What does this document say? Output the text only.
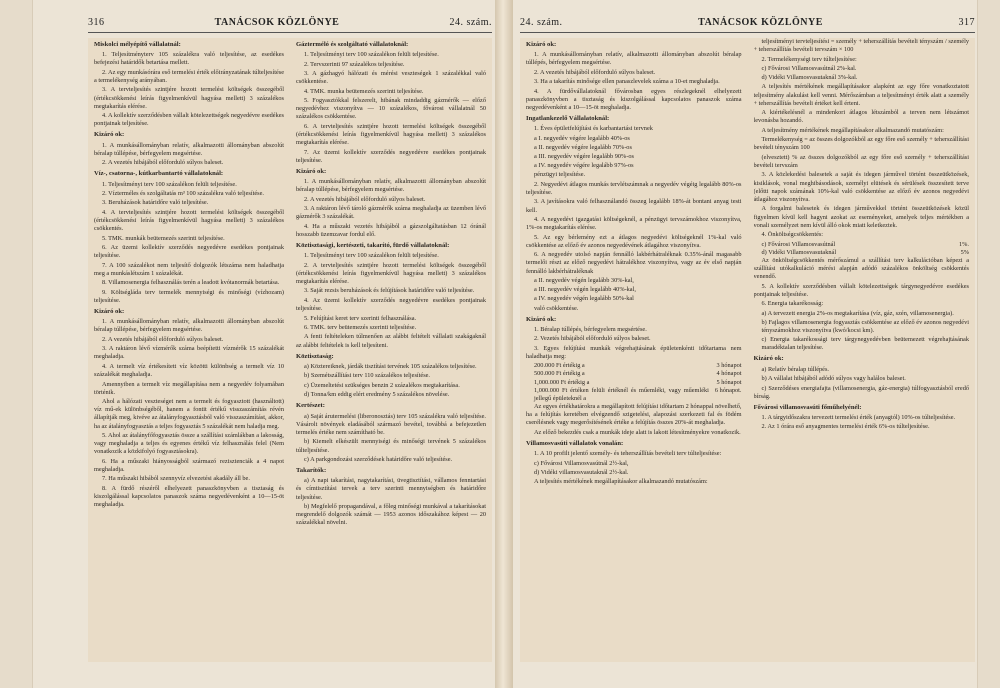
316	TANÁCSOK KÖZLÖNYE	24. szám.	24. szám.	TANÁCSOK KÖZLÖNYE	317
Miskolci mélyépítő vállalatnál:

1. Teljesítményterv 105 százalékra való teljesítése, az esedékes befejezési határidők betartása mellett.

2. Az egy munkásórára eső termelési érték előirányzatának túlteljesítése a termelékenység arányában.

3. A tervteljesítés szintjére hozott termelési költségek összegéből (értékcsökkenési leírás figyelmenkívül hagyása mellett) 3 százalékos megtakarítás elérése.

4. A kollektív szerződésben vállalt kötelezettségek negyedévre esedékes pontjainak teljesítése.

Kizáró ok:

1. A munkásállományban relatív, alkalmazotti állományban abszolút béralap túllépése, bérfegyelem megsértése.

2. A vezetés hibájából előforduló súlyos baleset.

Víz-, csatorna-, kútkarbantartó vállalatoknál:

1. Teljesítményi terv 100 százalékon felüli teljesítése.

2. Vízterméles és szolgáltatás m³ 100 százalékra való teljesítése.

3. Beruházások határidőre való teljesítése.

4. A tervteljesítés szintjére hozott termelési költségek összegéből (értékcsökkenési leírás figyelmenkívül hagyása mellett) 3 százalékos csökkentés.

5. TMK. munkák beütemezés szerinti teljesítése.

6. Az üzemi kollektív szerződés negyedévre esedékes pontjainak teljesítése.

7. A 100 százalékot nem teljesítő dolgozók létszáma nem haladhatja meg a munkáslétszám 1 százalékát.

8. Villamosenergia felhasználás terén a leadott kvótanormák betartása.

9. Költségláda terv termelék mennyiségi és minőségi (vízhozam) teljesítése.

Kizáró ok:

1. A munkásállományban relatív, alkalmazotti állományban abszolút béralap túllépése, bérfegyelem megsértése.

2. A vezetés hibájából előforduló súlyos baleset.

3. A raktáron lévő vízmérők száma beépítetti vízmérők 15 százalékát meghaladja.

4. A termelt víz értékesített víz közötti különbség a termelt víz 10 százalékát meghaladja.

Amennyiben a termelt víz megállapítása nem a negyedév folyamában történik.

Ahol a hálózati veszteséget nem a termelt és fogyasztott (használtott) víz mű-ek különbségéből, hanem a fontit értékű visszaszámítás révén állapítják meg, kivéve az átalányfogyasztásból való visszaszámítást, akkor, ha az átalányfogyasztás a teljes fogyasztás 5 százalékát nem haladja meg.

5. Ahol az átalányfőfogyasztás össze a szállítási számlákban a lakosság, vagy meghaladja a teljes és egyenes értékű víz felhasználás felel (Nem vonatkozik a közkifolyó fogyasztásokra).

6. Ha a műszaki hiányosságból származó rezisztenciák a 4 napot meghaladja.

7. Ha műszaki hibából szennyvíz elvezetési akadály áll be.

8. A fürdő részéről elhelyezett panaszkönyvben a tisztaság és kiszolgálással kapcsolatos panaszok száma negyedévenként a 10—15-öt meghaladja.

Gázterméló és szolgáltató vállalatoknál:

1. Teljesítményi terv 100 százalékon felüli teljesítése.

2. Tervszerinti 97 százalékos teljesítése.

3. A gázhagyó hálózati és mérési veszteségek 1 százalékkal való csökkentése.

4. TMK. munka beütemezés szerinti teljesítése.

5. Fogyasztókkal felszerelt, hibának mindaddig gázmérők — előző negyedévhez viszonyítva — 10 százalékos, fővárosi vállalatnál 50 százalékos csökkentése.

6. A tervteljesítés szintjére hozott termelési költségek összegéből (értékcsökkenési leírás figyelmenkívül hagyása mellett) 3 százalékos megtakarítás elérése.

7. Az üzemi kollektív szerződés negyedévre esedékes pontjainak teljesítése.

Kizáró ok:

1. A munkásállományban relatív, alkalmazotti állományban abszolút béralap túllépése, bérfegyelem megsértése.

2. A vezetés hibájából előforduló súlyos baleset.

3. A raktáron lévő tároló gázmérők száma meghaladja az üzemben lévő gázmérők 3 százalékát.

4. Ha a műszaki vezetés hibájából a gázszolgáltatásban 12 óránál hosszabb üzemzavar fordul elő.

Köztisztasági, kertészeti, takarító, fürdő vállalatoknál:

1. Teljesítményi terv 100 százalékon felüli teljesítése.

2. A tervteljesítés szintjére hozott termelési költségek összegéből (értékcsökkenési leírás figyelmenkívül hagyása mellett) 3 százalékos megtakarítás elérése.

3. Saját rezsis beruházások és felújítások határidőre való teljesítése.

4. Az üzemi kollektív szerződés negyedévre esedékes pontjainak teljesítése.

5. Felújítási keret terv szerinti felhasználása.

6. TMK. terv beütemezés szerinti teljesítése.

A fenti feltételeken túlmenően az alábbi feltételt vállalati szakágaknál az alábbi feltételek is kell teljesíteni.

Köztisztaság:

a) Köztereiknek, járdák tisztítási tervének 105 százalékos teljesítése.

b) Szemétszállítási terv 110 százalékos teljesítése.

c) Üzemeltetési szükséges benzin 2 százalékos megtakarítása.

d) Tonna/km eddig elért eredmény 5 százalékos növelése.

Kertészet:

a) Saját árutermelési (liberonosztás) terv 105 százalékra való teljesítése. Vásárolt növények eladásából származó bevétel, továbbá a befejezetlen termelés értéke nem számítható be.

b) Kiemelt elkészült mennyiségi és minőségi tervének 5 százalékos túlteljesítése.

c) A parkgondozási szerződések határidőre való teljesítése.

Takarítók:

a) A napi takarítási, nagytakarítási, üvegtisztítási, vállamos fenntartási és címtisztítási tervek a terv szerinti mennyiségben és határidőre teljesítése.

b) Megfelelő propagandával, a főleg minőségi munkával a takarításokat megrendelő dolgozók számát — 1953 azonos időszakához képest — 20 százalékkal növelni.

Kizáró ok:

1. A munkásállományban relatív, alkalmazotti állományban abszolút béralap túllépés, bérfegyelem megsértése.

2. A vezetés hibájából előforduló súlyos baleset.

3. Ha a takarítás minősége ellen panaszlevelek száma a 10-et meghaladja.

4. A fürdővállalatoknál fővárosban egyes részlegeknél elhelyezett panaszkönyvben a tisztaság és kiszolgálással kapcsolatos panaszok száma negyedévenként a 10—15-öt meghaladja.

Ingatlankezelő Vállalatoknál:

1. Éves épületfelújítási és karbantartási tervnek

a I. negyedév végére legalább 40%-os

a II. negyedév végére legalább 70%-os

a III. negyedév végére legalább 90%-os

a IV. negyedév végére legalább 97%-os

pénzügyi teljesítése.

2. Negyedévi átlagos munkás tervlétszámnak a negyedév végéig legalább 80%-os teljesítése.

3. A javításokra való felhasználandó összeg legalább 18%-át bontani anyag testi kell.

4. A negyedévi igazgatási költségeknél, a pénzügyi tervszámokhoz viszonyítva, 1%-os megtakarítás elérése.

5. Az egy bérlemény ezt a átlagos negyedévi költségeknél 1%-kal való csökkentése az előző év azonos negyedévének átlagához viszonyítva.

6. A negyedév utolsó napján fennálló lakbérhátraléknak 0.35%-ánál magasabb termelői részt az előző negyedévi hátralékhoz viszonyítva, vagy az év első napján fennálló lakbérhátraléknak

a II. negyedév végén legalább 30%-kal,

a III. negyedév végén legalább 40%-kal,

a IV. negyedév végén legalább 50%-kal

való csökkentése.

Kizáró ok:

1. Béralap túllépés, bérfegyelem megsértése.

2. Vezetés hibájából előforduló súlyos baleset.

3. Egyes felújítási munkák végrehajtásának épületenkénti időtartama nem haladhatja meg:

200.000 Ft értékig a	3 hónapot
500.000 Ft értékig a	4 hónapot
1,000.000 Ft értékig a	5 hónapot
1,000.000 Ft értéken felüli értéknél és műemléki, vagy műemléki jellegű épületeknél a
6 hónapot.

Az egyes értékhatárokra a megállapított felújítási időtartam 2 hónappal növelhető, ha a felújítás keretében elvégzendő szigetelési, alapozási szerkezeti fal és födém cserélésnek vagy megerősítésének értéke a felújítás összes 20%-át meghaladja.

Az előző bekezdés csak a munkák ideje alatt is lakott létesítményekre vonatkozik.

Villamosvasúti vállalatok vonalán:

1. A 10 profilt jelentő személy- és teherszállítás bevételi terv túlteljesítése:

c) Fővárosi Villamosvasútnál 2½-kal,

d) Vidéki villamosvasutaknál 2½-kal.

A teljesítés mértékének megállapításakor alkalmazandó mutatószám:

teljesítményi tervteljesítési = személy + teherszállítás bevételi tényszám / személy + teherszállítás bevételi tervszám × 100

2. Termelékenységi terv túlteljesítése:

c) Fővárosi Villamosvasútnál 2%-kal.

d) Vidéki Villamosvasutaknál 3%-kal.

A teljesítés mértékének megállapításakor alapként az egy főre vonatkoztatott teljesítmény alakulást kell venni. Mérőszámban a teljesítményi érték alatt a személy + teherszállítás bevételi értéket kell érteni.

A kiértékelésnél a mindenkori átlagos létszámból a terven nem létszámot levonásba hozandó.

A teljesítmény mértékének megállapításakor alkalmazandó mutatószám:

Termelékenység = az összes dolgozókból az egy főre eső személy + teherszállítási bevételi tényszám 100

(elvesztett) % az összes dolgozókból az egy főre eső személy + teherszállítási bevételi tervszám

3. A közlekedési balesetek a saját és idegen járművel történt összeütközések, kisiklások, vonal meghibásodások, személyi elütések és sérülések összesített terve (előtti napok számának 10%-kal való csökkentése az előző év azonos negyedévi átlagához viszonyítva.

A forgalmi balesetek és idegen járművekkel történt összeütközések közül figyelmen kívül kell hagyni azokat az eseményeket, amelyek teljes mértékben a vonali személyzet nem kívül álló okok miatt keletkeztek.

4. Önköltségcsökkentés:

c) Fővárosi Villamosvasútnál	1%.
d) Vidéki Villamosvasutaknál	5%

Az önköltségcsökkentés mérőszámul a szállítási terv kalkulációban képezi a szállítási utókalkuláció mérési alapján adódó százalékos önköltség csökkentés venendő.

5. A kollektív szerződésben vállalt kötelezettségek tárgynegyedévre esedékes pontjainak teljesítése.

6. Energia takarékosság:

a) A tervezett energia 2%-os megtakarítása (víz, gáz, szén, villamosenergia).

b) Fajlagos villamosenergia fogyasztás csökkentése az előző év azonos negyedévi tényszámokhoz viszonyítva (kwó/kocsi km).

c) Energia takarékossági terv tárgynegyedévben beütemezett végrehajtásának maradéktalan teljesítése.

Kizáró ok:

a) Relatív béralap túllépés.

b) A vállalat hibájából adódó súlyos vagy halálos baleset.

c) Szerződéses energiafajta (villamosenergia, gáz-energia) túlfogyasztásból eredő bírság.

Fővárosi villamosvasúti főműhelyénél:

1. A tárgyidőszakra tervezett termelési érték (anyagtól) 10%-os túlteljesítése.

2. Az 1 órára eső anyagmentes termelési érték 6%-os túlteljesítése.
